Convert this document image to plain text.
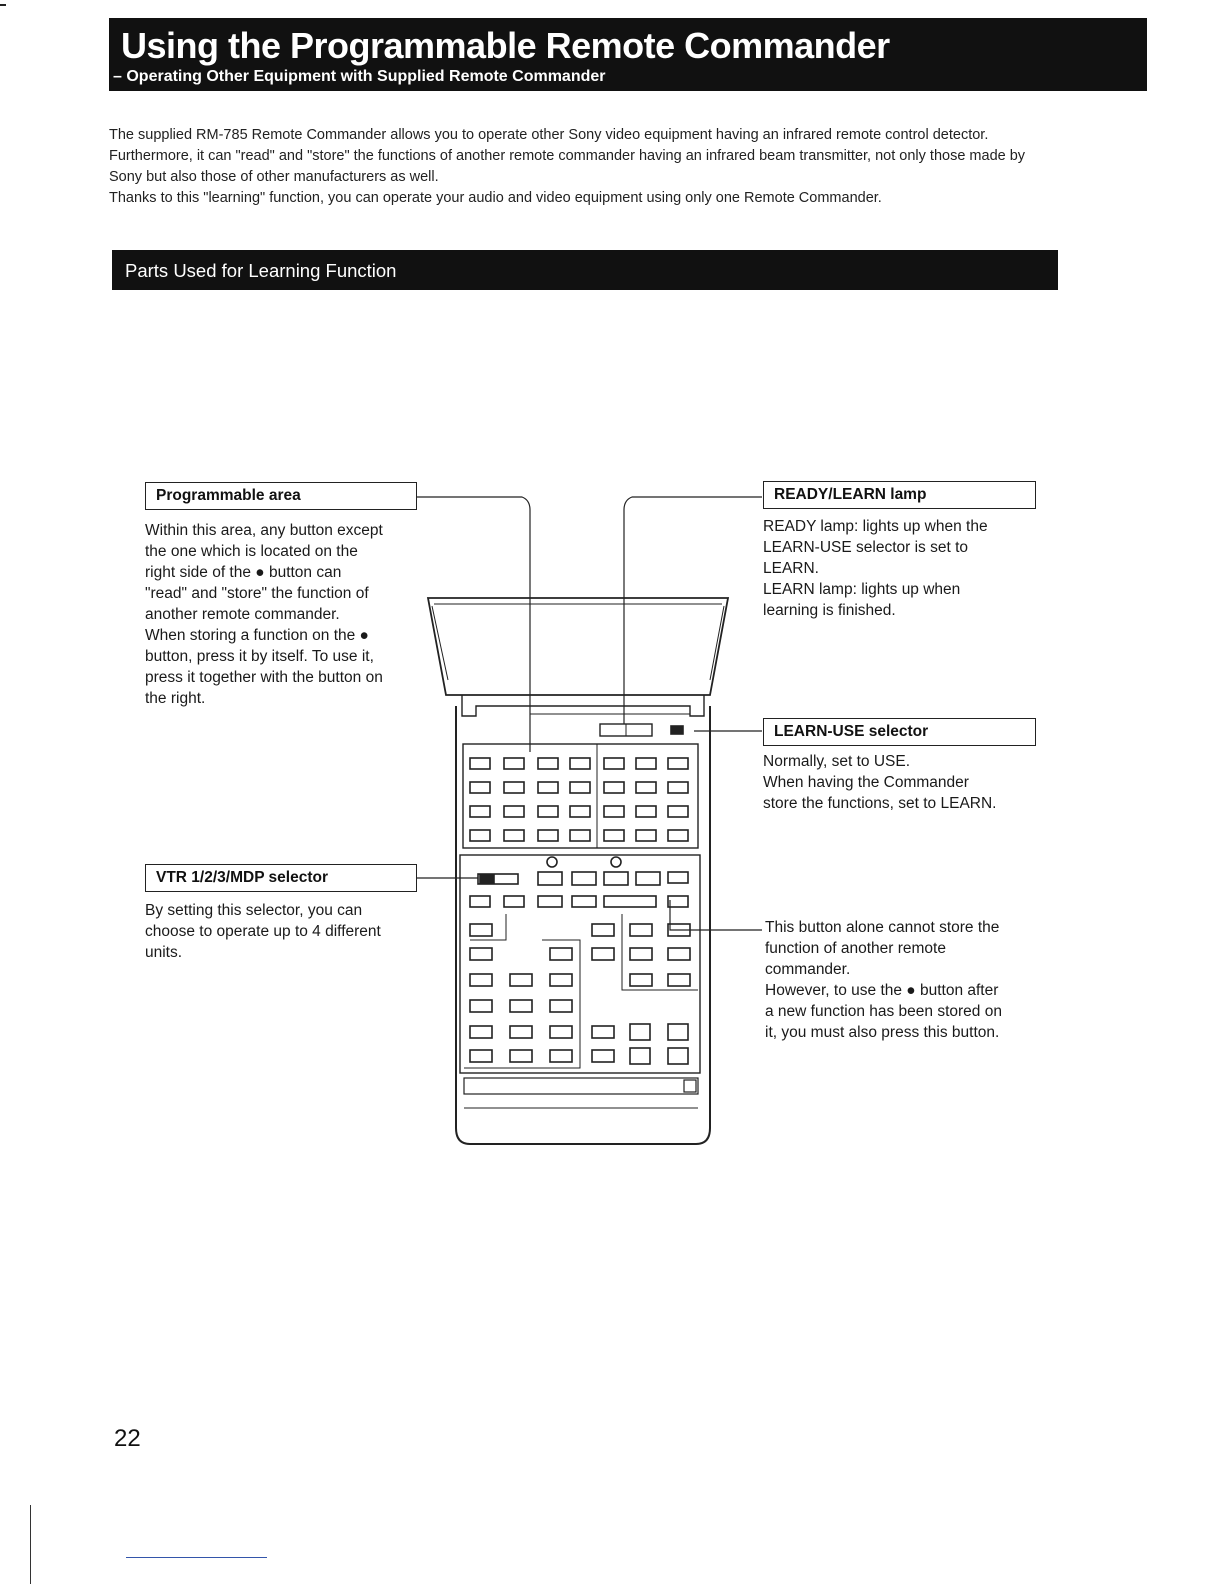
Using the Programmable Remote Commander
– Operating Other Equipment with Supplied Remote Commander

The supplied RM-785 Remote Commander allows you to operate other Sony video equipment having an infrared remote control detector. Furthermore, it can "read" and "store" the functions of another remote commander having an infrared beam transmitter, not only those made by Sony but also those of other manufacturers as well.

Thanks to this "learning" function, you can operate your audio and video equipment using only one Remote Commander.

Parts Used for Learning Function
Programmable area

Within this area, any button except

the one which is located on the

right side of the ● button can

"read" and "store" the function of

another remote commander.

When storing a function on the ●

button, press it by itself. To use it,

press it together with the button on

the right.

VTR 1/2/3/MDP selector

By setting this selector, you can

choose to operate up to 4 different

units.

READY/LEARN lamp

READY lamp: lights up when the

LEARN-USE selector is set to

LEARN.

LEARN lamp: lights up when

learning is finished.

LEARN-USE selector

Normally, set to USE.

When having the Commander

store the functions, set to LEARN.

This button alone cannot store the

function of another remote

commander.

However, to use the ● button after

a new function has been stored on

it, you must also press this button.

22
